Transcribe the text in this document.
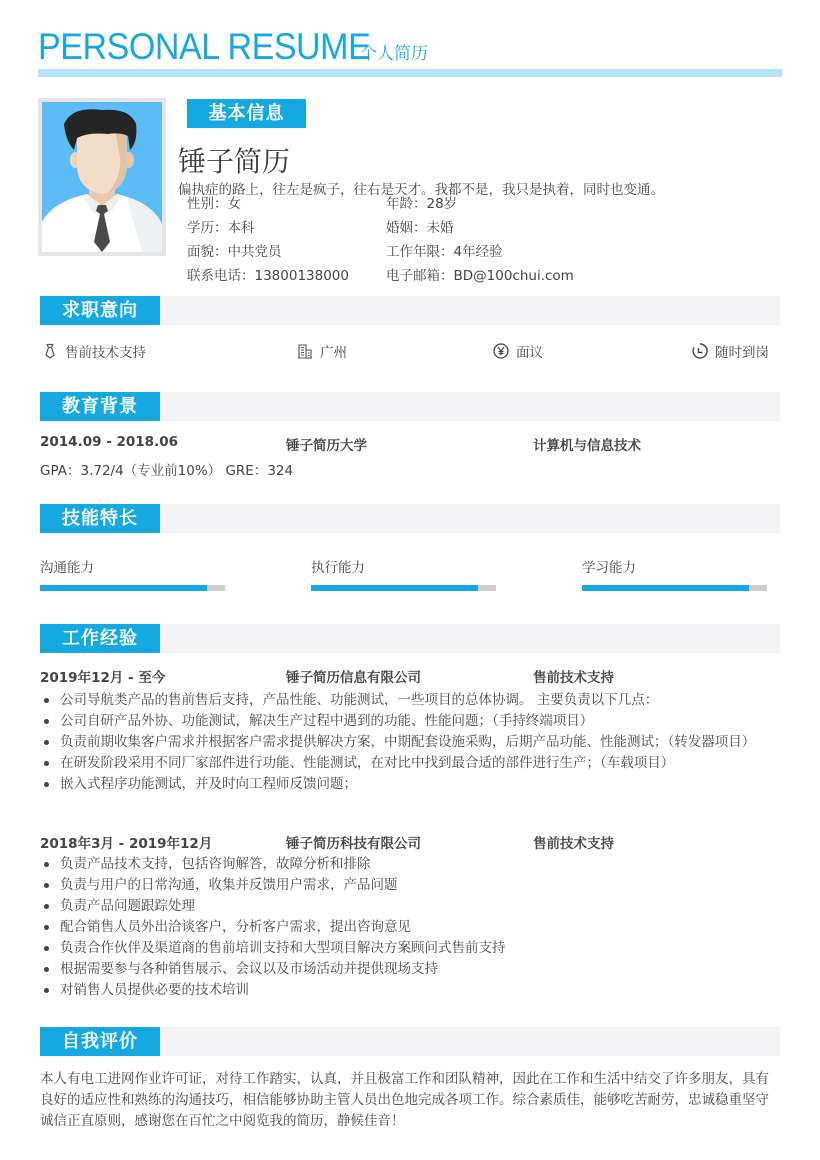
PERSONAL RESUME
个人简历
基本信息
锤子简历
偏执症的路上，往左是疯子，往右是天才。我都不是，我只是执着，同时也变通。
性别：女	年龄：28岁
学历：本科	婚姻：未婚
面貌：中共党员	工作年限：4年经验
联系电话：13800138000	电子邮箱：BD@100chui.com
求职意向
售前技术支持	广州	面议	随时到岗
教育背景
2014.09 - 2018.06	锤子简历大学	计算机与信息技术
GPA：3.72/4（专业前10%） GRE：324
技能特长
沟通能力	执行能力	学习能力
工作经验
2019年12月 - 至今	锤子简历信息有限公司	售前技术支持
公司导航类产品的售前售后支持，产品性能、功能测试，一些项目的总体协调。 主要负责以下几点：
公司自研产品外协、功能测试，解决生产过程中遇到的功能、性能问题；（手持终端项目）
负责前期收集客户需求并根据客户需求提供解决方案，中期配套设施采购，后期产品功能、性能测试；（转发器项目）
在研发阶段采用不同厂家部件进行功能、性能测试，在对比中找到最合适的部件进行生产；（车载项目）
嵌入式程序功能测试，并及时向工程师反馈问题；
2018年3月 - 2019年12月	锤子简历科技有限公司	售前技术支持
负责产品技术支持，包括咨询解答，故障分析和排除
负责与用户的日常沟通，收集并反馈用户需求，产品问题
负责产品问题跟踪处理
配合销售人员外出洽谈客户，分析客户需求，提出咨询意见
负责合作伙伴及渠道商的售前培训支持和大型项目解决方案顾问式售前支持
根据需要参与各种销售展示、会议以及市场活动并提供现场支持
对销售人员提供必要的技术培训
自我评价
本人有电工进网作业许可证，对待工作踏实，认真，并且极富工作和团队精神，因此在工作和生活中结交了许多朋友，具有良好的适应性和熟练的沟通技巧，相信能够协助主管人员出色地完成各项工作。综合素质佳，能够吃苦耐劳，忠诚稳重坚守诚信正直原则，感谢您在百忙之中阅览我的简历，静候佳音！
